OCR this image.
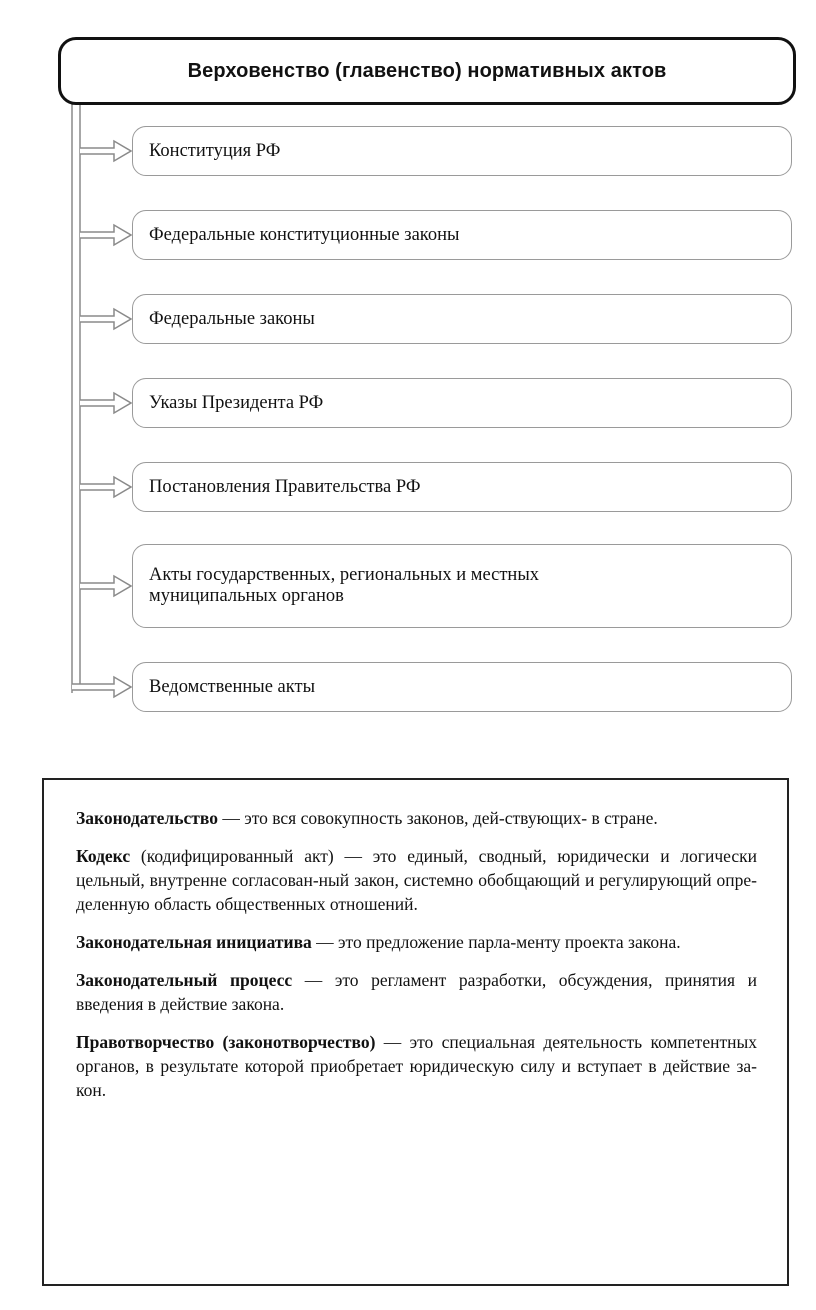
Верховенство (главенство) нормативных актов
Конституция РФ
Федеральные конституционные законы
Федеральные законы
Указы Президента РФ
Постановления Правительства РФ
Акты государственных, региональных и местных муниципальных органов
Ведомственные акты

Законодательство — это вся совокупность законов, дей-ствующих- в стране.

Кодекс (кодифицированный акт) — это единый, сводный, юридически и логически цельный, внутренне согласован-ный закон, системно обобщающий и регулирующий опре-деленную область общественных отношений.

Законодательная инициатива — это предложение парла-менту проекта закона.

Законодательный процесс — это регламент разработки, обсуждения, принятия и введения в действие закона.

Правотворчество (законотворчество) — это специальная деятельность компетентных органов, в результате которой приобретает юридическую силу и вступает в действие за-кон.
